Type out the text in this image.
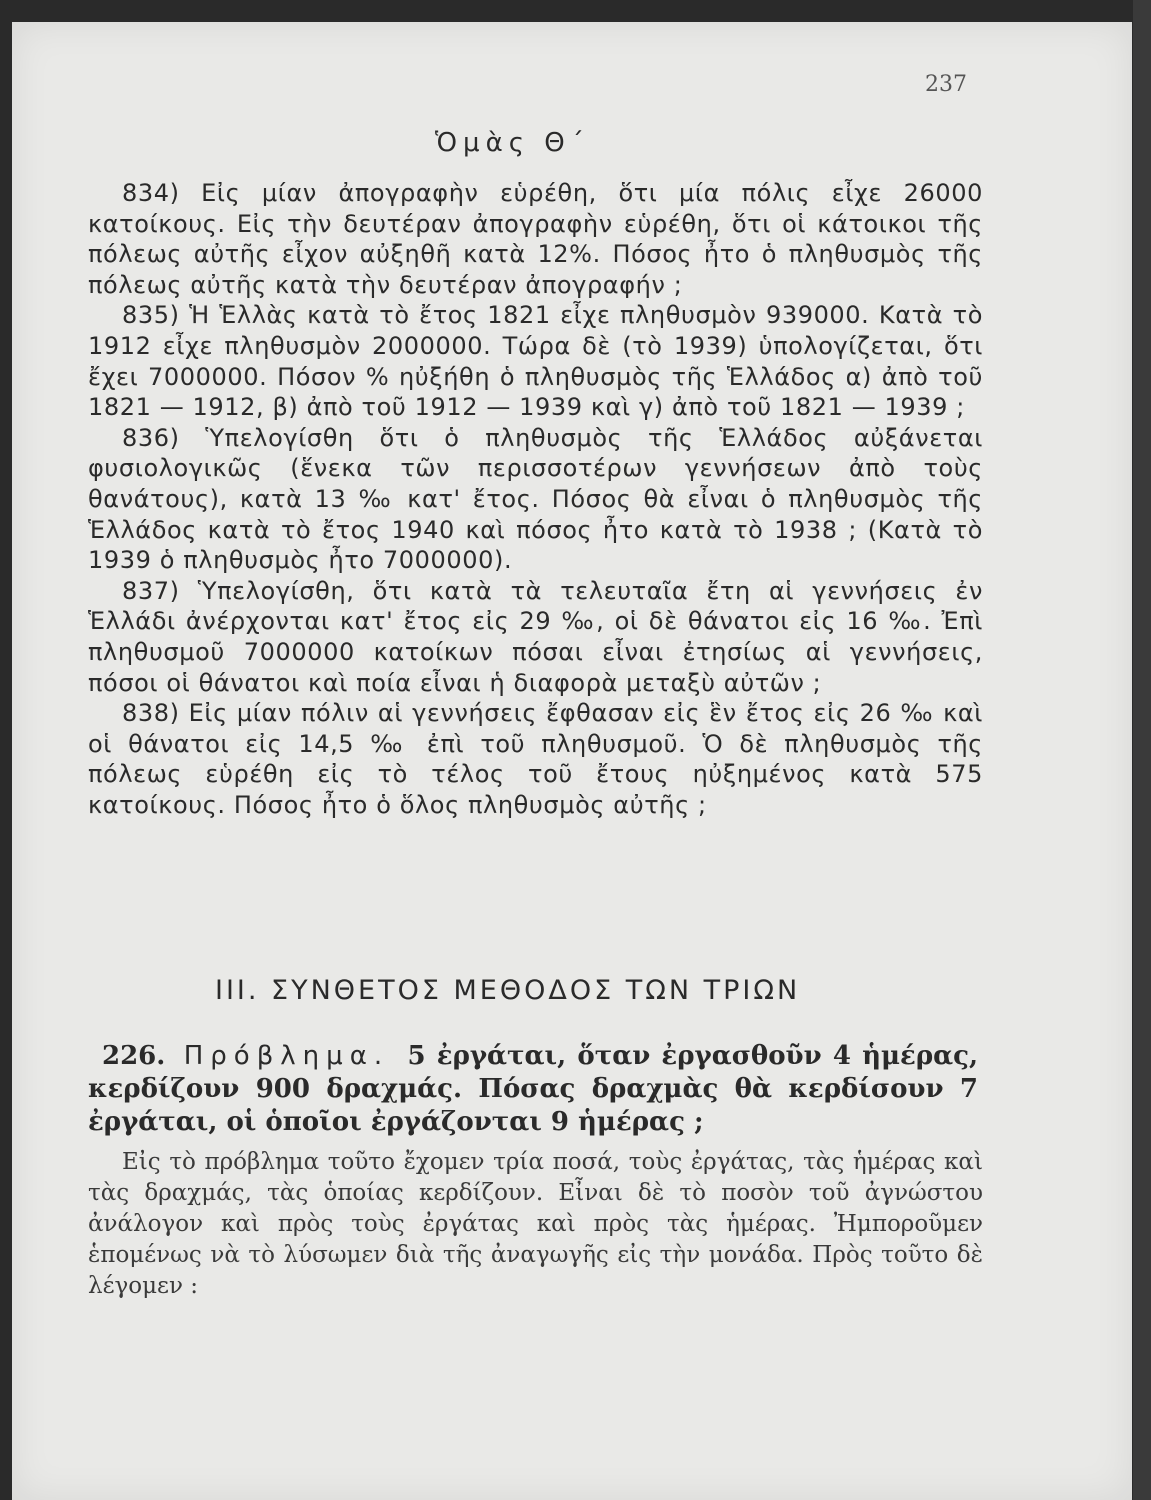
237
Ὁμὰς Θ΄

834) Εἰς μίαν ἀπογραφὴν εὑρέθη, ὅτι μία πόλις εἶχε 26000 κατοίκους. Εἰς τὴν δευτέραν ἀπογραφὴν εὑρέθη, ὅτι οἱ κάτοικοι τῆς πόλεως αὐτῆς εἶχον αὐξηθῆ κατὰ 12%. Πόσος ἦτο ὁ πληθυσμὸς τῆς πόλεως αὐτῆς κατὰ τὴν δευτέραν ἀπογραφήν ;

835) Ἡ Ἑλλὰς κατὰ τὸ ἔτος 1821 εἶχε πληθυσμὸν 939000. Κατὰ τὸ 1912 εἶχε πληθυσμὸν 2000000. Τώρα δὲ (τὸ 1939) ὑπολογίζεται, ὅτι ἔχει 7000000. Πόσον % ηὐξήθη ὁ πληθυσμὸς τῆς Ἑλλάδος α) ἀπὸ τοῦ 1821 — 1912, β) ἀπὸ τοῦ 1912 — 1939 καὶ γ) ἀπὸ τοῦ 1821 — 1939 ;

836) Ὑπελογίσθη ὅτι ὁ πληθυσμὸς τῆς Ἑλλάδος αὐξάνεται φυσιολογικῶς (ἕνεκα τῶν περισσοτέρων γεννήσεων ἀπὸ τοὺς θανάτους), κατὰ 13 ‰ κατ' ἔτος. Πόσος θὰ εἶναι ὁ πληθυσμὸς τῆς Ἑλλάδος κατὰ τὸ ἔτος 1940 καὶ πόσος ἦτο κατὰ τὸ 1938 ; (Κατὰ τὸ 1939 ὁ πληθυσμὸς ἦτο 7000000).

837) Ὑπελογίσθη, ὅτι κατὰ τὰ τελευταῖα ἔτη αἱ γεννήσεις ἐν Ἑλλάδι ἀνέρχονται κατ' ἔτος εἰς 29 ‰, οἱ δὲ θάνατοι εἰς 16 ‰. Ἐπὶ πληθυσμοῦ 7000000 κατοίκων πόσαι εἶναι ἐτησίως αἱ γεννήσεις, πόσοι οἱ θάνατοι καὶ ποία εἶναι ἡ διαφορὰ μεταξὺ αὐτῶν ;

838) Εἰς μίαν πόλιν αἱ γεννήσεις ἔφθασαν εἰς ἓν ἔτος εἰς 26 ‰ καὶ οἱ θάνατοι εἰς 14,5 ‰ ἐπὶ τοῦ πληθυσμοῦ. Ὁ δὲ πληθυσμὸς τῆς πόλεως εὑρέθη εἰς τὸ τέλος τοῦ ἔτους ηὐξημένος κατὰ 575 κατοίκους. Πόσος ἦτο ὁ ὅλος πληθυσμὸς αὐτῆς ;

ΙΙΙ. ΣΥΝΘΕΤΟΣ ΜΕΘΟΔΟΣ ΤΩΝ ΤΡΙΩΝ
226. Πρόβλημα. 5 ἐργάται, ὅταν ἐργασθοῦν 4 ἡμέρας, κερδίζουν 900 δραχμάς. Πόσας δραχμὰς θὰ κερδίσουν 7 ἐργάται, οἱ ὁποῖοι ἐργάζονται 9 ἡμέρας ;

Εἰς τὸ πρόβλημα τοῦτο ἔχομεν τρία ποσά, τοὺς ἐργάτας, τὰς ἡμέρας καὶ τὰς δραχμάς, τὰς ὁποίας κερδίζουν. Εἶναι δὲ τὸ ποσὸν τοῦ ἀγνώστου ἀνάλογον καὶ πρὸς τοὺς ἐργάτας καὶ πρὸς τὰς ἡμέρας. Ἠμποροῦμεν ἑπομένως νὰ τὸ λύσωμεν διὰ τῆς ἀναγωγῆς εἰς τὴν μονάδα. Πρὸς τοῦτο δὲ λέγομεν :
